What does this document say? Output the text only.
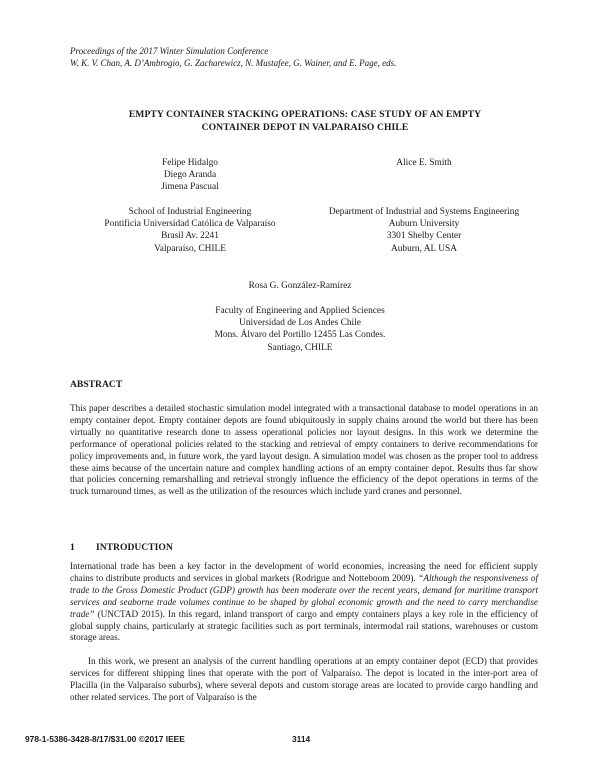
Proceedings of the 2017 Winter Simulation Conference
W. K. V. Chan, A. D’Ambrogio, G. Zacharewicz, N. Mustafee, G. Wainer, and E. Page, eds.
EMPTY CONTAINER STACKING OPERATIONS: CASE STUDY OF AN EMPTY
CONTAINER DEPOT IN VALPARAISO CHILE
Felipe Hidalgo
Diego Aranda
Jimena Pascual
Alice E. Smith
School of Industrial Engineering
Pontificia Universidad Católica de Valparaíso
Brasil Av. 2241
Valparaíso, CHILE
Department of Industrial and Systems Engineering
Auburn University
3301 Shelby Center
Auburn, AL USA
Rosa G. González-Ramírez
Faculty of Engineering and Applied Sciences
Universidad de Los Andes Chile
Mons. Álvaro del Portillo 12455 Las Condes.
Santiago, CHILE
ABSTRACT
This paper describes a detailed stochastic simulation model integrated with a transactional database to model operations in an empty container depot. Empty container depots are found ubiquitously in supply chains around the world but there has been virtually no quantitative research done to assess operational policies nor layout designs. In this work we determine the performance of operational policies related to the stacking and retrieval of empty containers to derive recommendations for policy improvements and, in future work, the yard layout design. A simulation model was chosen as the proper tool to address these aims because of the uncertain nature and complex handling actions of an empty container depot. Results thus far show that policies concerning remarshalling and retrieval strongly influence the efficiency of the depot operations in terms of the truck turnaround times, as well as the utilization of the resources which include yard cranes and personnel.
1 INTRODUCTION
International trade has been a key factor in the development of world economies, increasing the need for efficient supply chains to distribute products and services in global markets (Rodrigue and Notteboom 2009). “Although the responsiveness of trade to the Gross Domestic Product (GDP) growth has been moderate over the recent years, demand for maritime transport services and seaborne trade volumes continue to be shaped by global economic growth and the need to carry merchandise trade” (UNCTAD 2015). In this regard, inland transport of cargo and empty containers plays a key role in the efficiency of global supply chains, particularly at strategic facilities such as port terminals, intermodal rail stations, warehouses or custom storage areas.
In this work, we present an analysis of the current handling operations at an empty container depot (ECD) that provides services for different shipping lines that operate with the port of Valparaíso. The depot is located in the inter-port area of Placilla (in the Valparaíso suburbs), where several depots and custom storage areas are located to provide cargo handling and other related services. The port of Valparaíso is the
978-1-5386-3428-8/17/$31.00 ©2017 IEEE	3114
